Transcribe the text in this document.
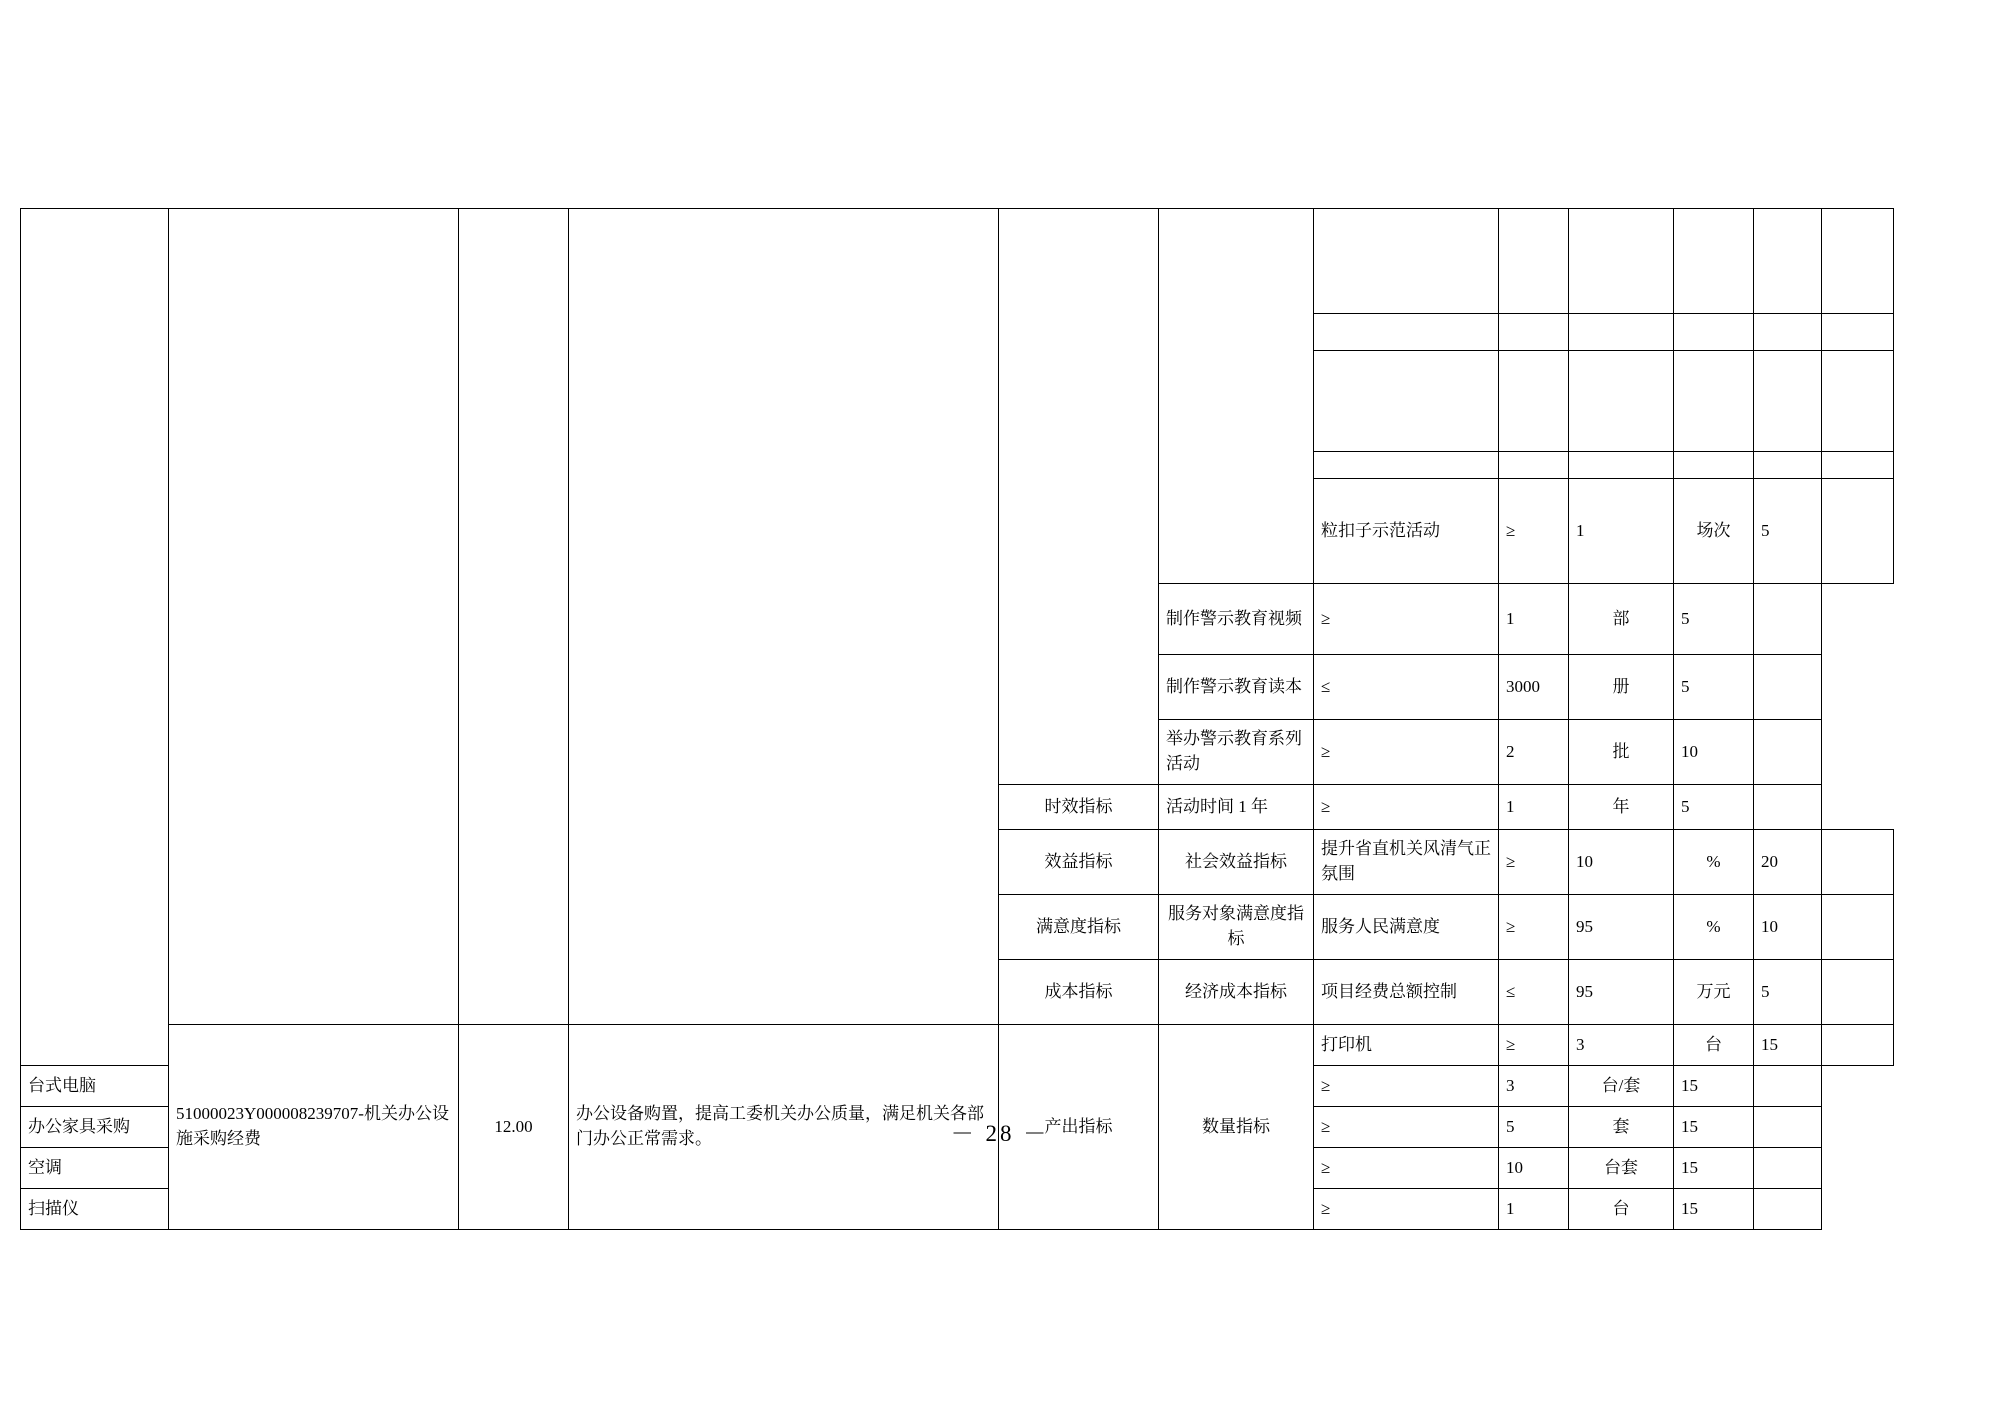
						粒扣子示范活动	≥	1	场次	5	
					制作警示教育视频	≥	1	部	5		
					制作警示教育读本	≤	3000	册	5		
					举办警示教育系列活动	≥	2	批	10		
				时效指标	活动时间 1 年	≥	1	年	5		
				效益指标	社会效益指标	提升省直机关风清气正氛围	≥	10	%	20	
				满意度指标	服务对象满意度指标	服务人民满意度	≥	95	%	10	
				成本指标	经济成本指标	项目经费总额控制	≤	95	万元	5	
	51000023Y000008239707-机关办公设施采购经费	12.00	办公设备购置，提高工委机关办公质量，满足机关各部门办公正常需求。	产出指标	数量指标	打印机	≥	3	台	15	
台式电脑						≥	3	台/套	15		
办公家具采购						≥	5	套	15		
空调						≥	10	台套	15		
扫描仪						≥	1	台	15		
－ 28 －
